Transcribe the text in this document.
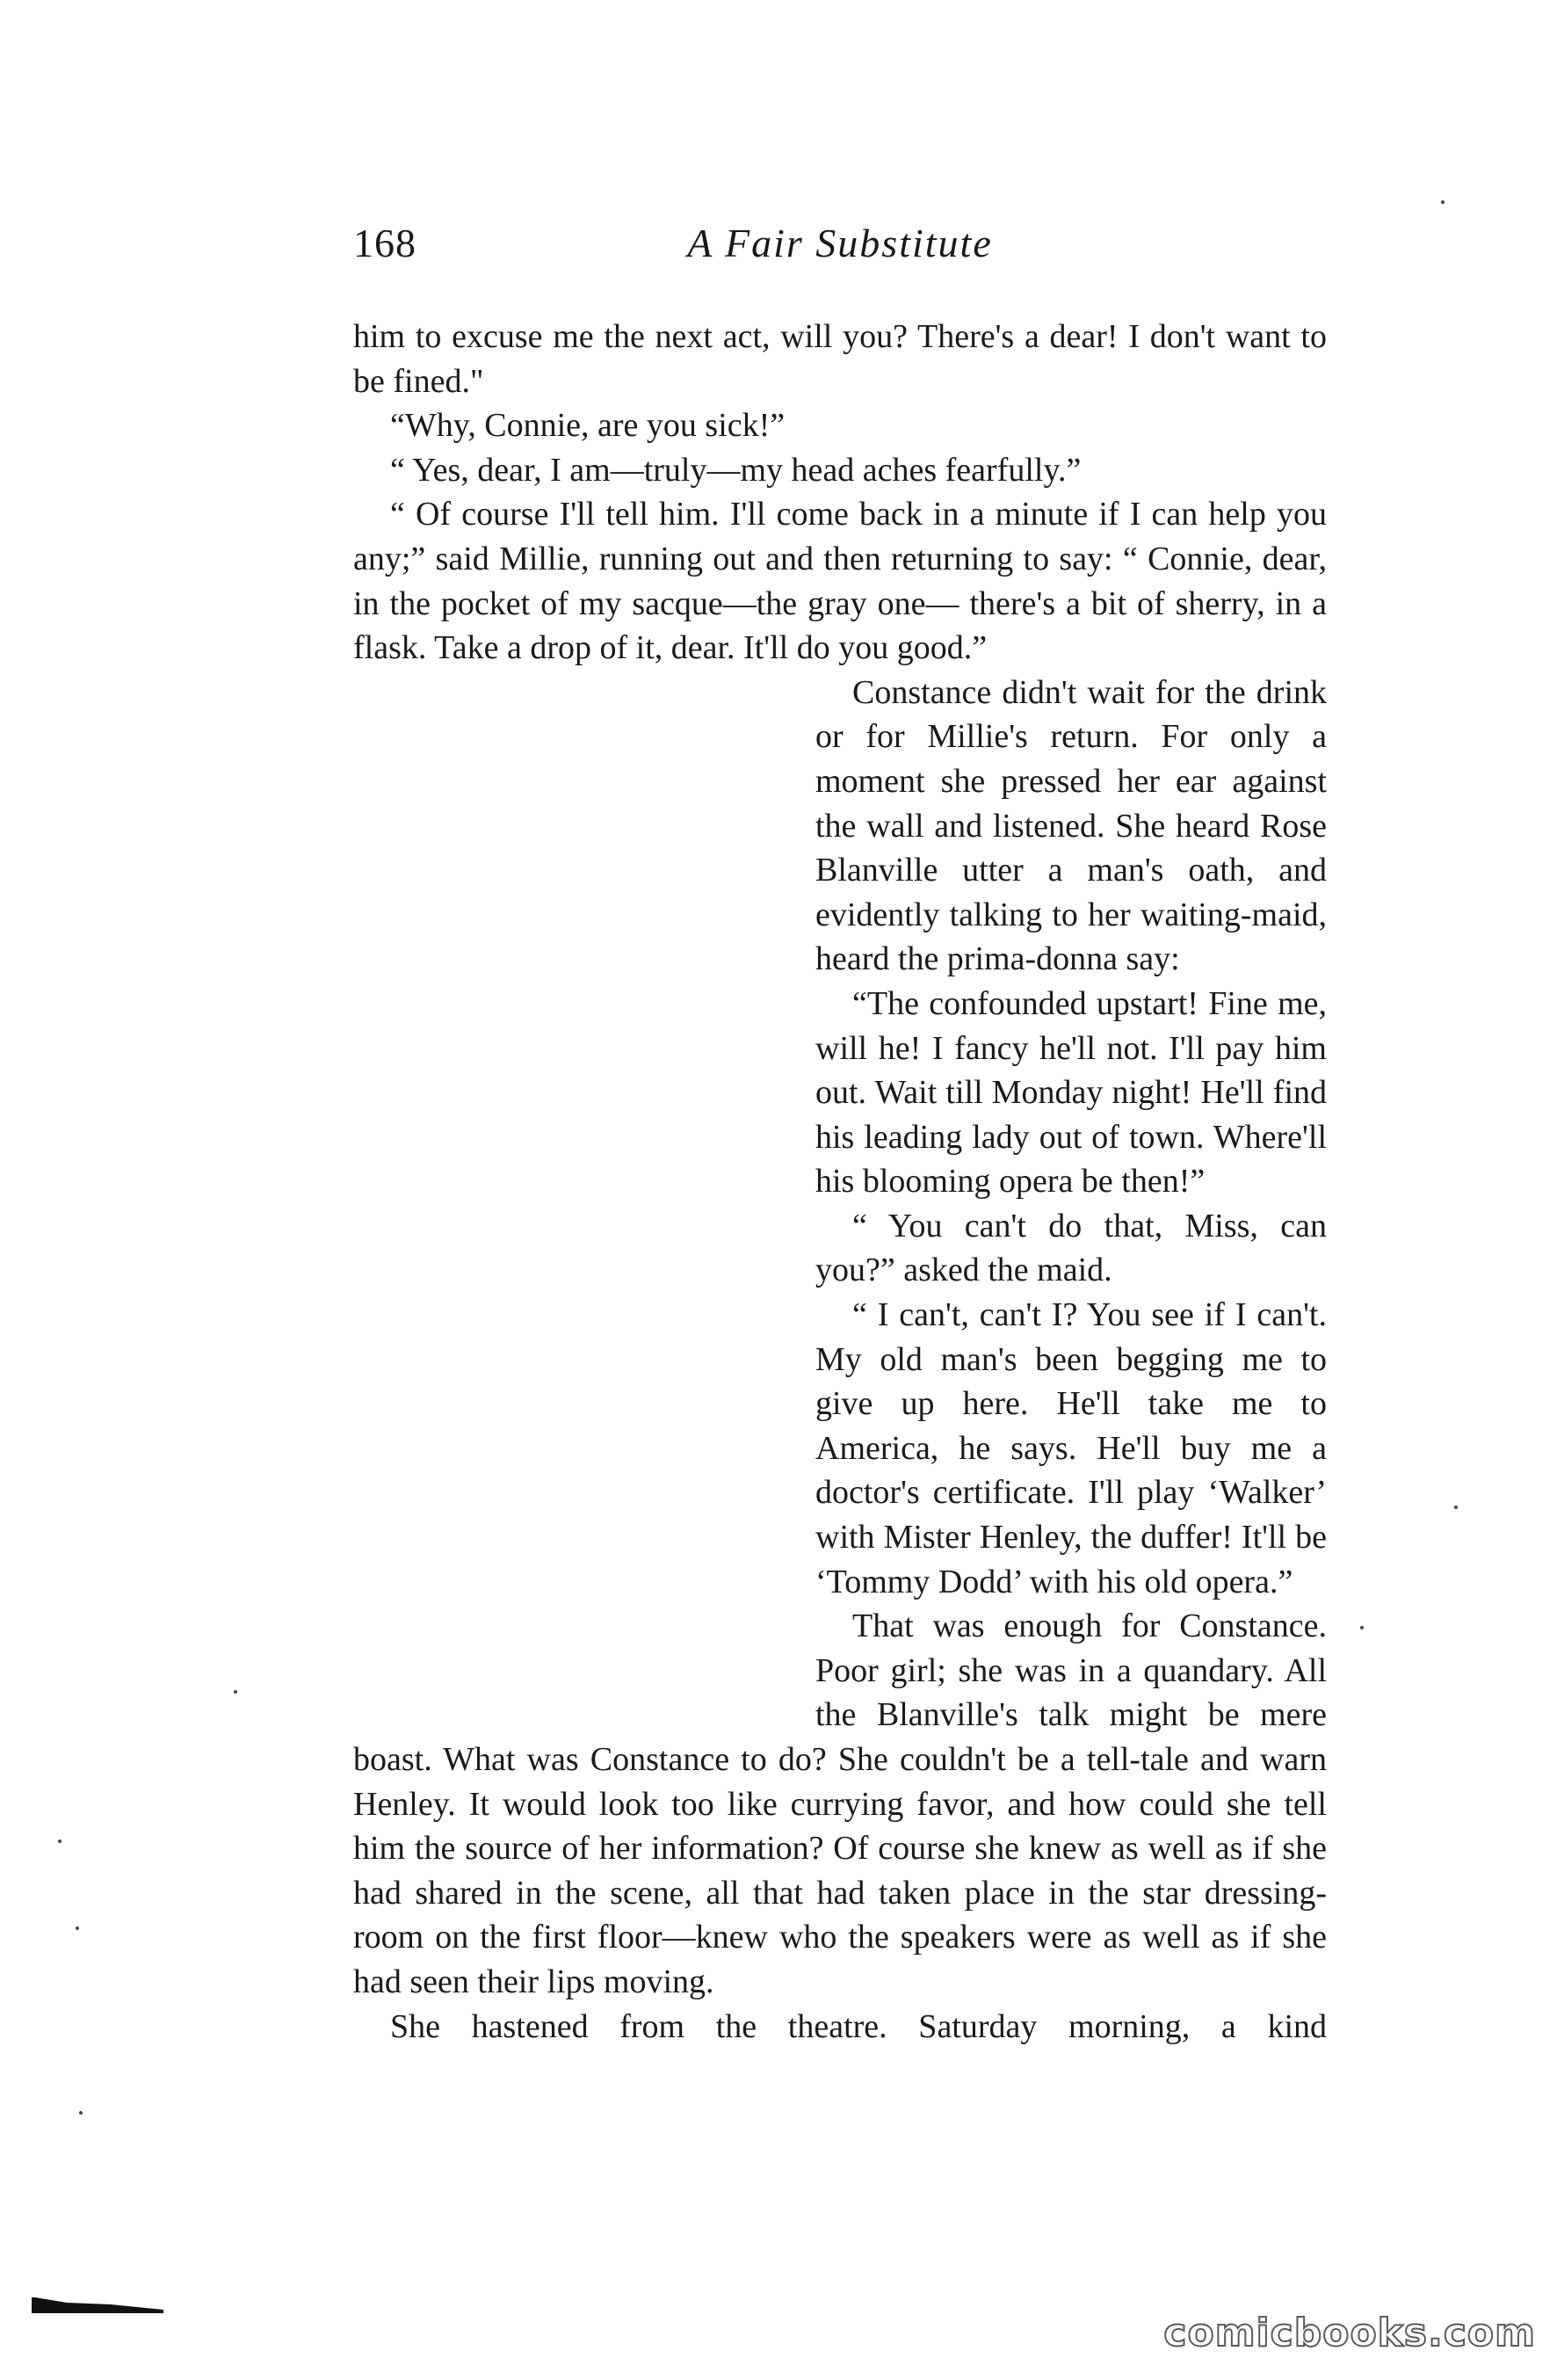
168	A Fair Substitute

him to excuse me the next act, will you? There's a dear! I don't want to be fined."

“Why, Connie, are you sick!”

“ Yes, dear, I am—truly—my head aches fearfully.”

“ Of course I'll tell him. I'll come back in a minute if I can help you any;” said Millie, running out and then returning to say: “ Connie, dear, in the pocket of my sacque—the gray one— there's a bit of sherry, in a flask. Take a drop of it, dear. It'll do you good.”

Constance didn't wait for the drink or for Millie's return. For only a moment she pressed her ear against the wall and listened. She heard Rose Blanville utter a man's oath, and evidently talking to her waiting-maid, heard the prima-donna say:

“The confounded upstart! Fine me, will he! I fancy he'll not. I'll pay him out. Wait till Monday night! He'll find his leading lady out of town. Where'll his blooming opera be then!”

“ You can't do that, Miss, can you?” asked the maid.

“ I can't, can't I? You see if I can't. My old man's been begging me to give up here. He'll take me to America, he says. He'll buy me a doctor's certificate. I'll play ‘Walker’ with Mister Henley, the duffer! It'll be ‘Tommy Dodd’ with his old opera.”

That was enough for Constance. Poor girl; she was in a quandary. All the Blanville's talk might be mere boast. What was Constance to do? She couldn't be a tell-tale and warn Henley. It would look too like currying favor, and how could she tell him the source of her information? Of course she knew as well as if she had shared in the scene, all that had taken place in the star dressing-room on the first floor—knew who the speakers were as well as if she had seen their lips moving.

She hastened from the theatre. Saturday morning, a kind

comicbooks.com
